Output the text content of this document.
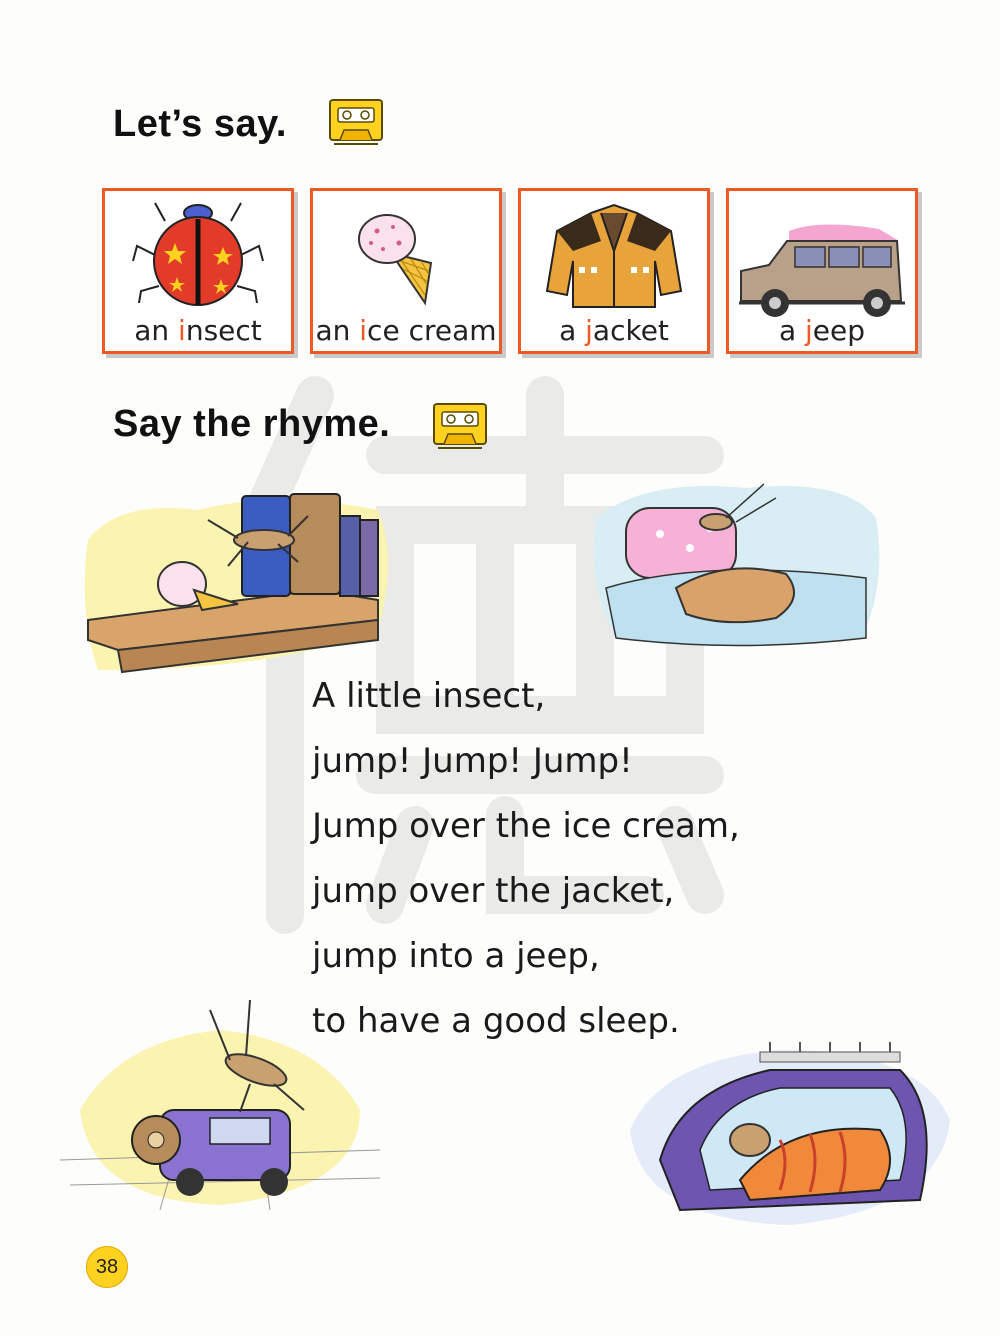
Let’s say.
an insect	an ice cream	a jacket	a jeep
Say the rhyme.
A little insect,
jump! Jump! Jump!
Jump over the ice cream,
jump over the jacket,
jump into a jeep,
to have a good sleep.
38
